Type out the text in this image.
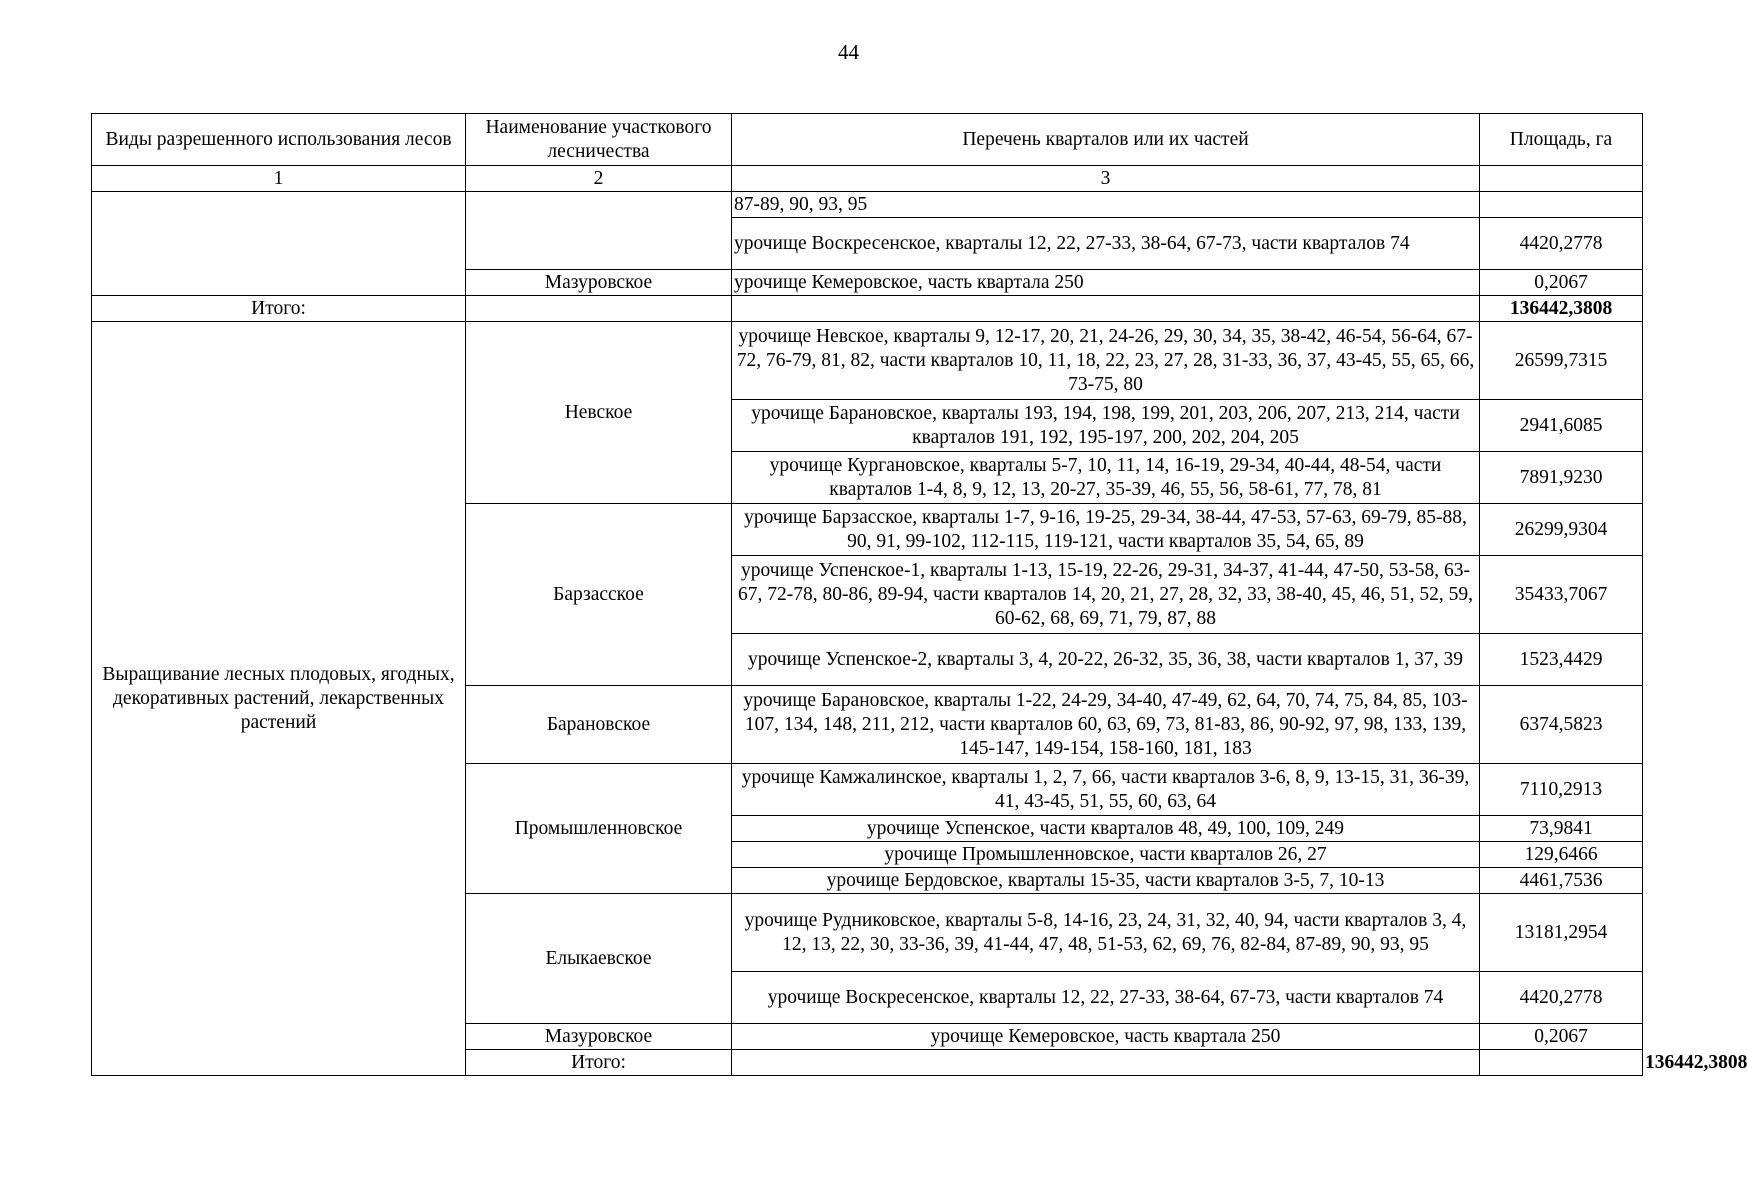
44
Виды разрешенного использования лесов	Наименование участкового лесничества	Перечень кварталов или их частей	Площадь, га	
1	2	3		
		87-89, 90, 93, 95		
		урочище Воскресенское, кварталы 12, 22, 27-33, 38-64, 67-73, части кварталов 74	4420,2778	
	Мазуровское	урочище Кемеровское, часть квартала 250	0,2067	
Итого:			136442,3808	
Выращивание лесных плодовых, ягодных, декоративных растений, лекарственных растений	Невское	урочище Невское, кварталы 9, 12-17, 20, 21, 24-26, 29, 30, 34, 35, 38-42, 46-54, 56-64, 67-72, 76-79, 81, 82, части кварталов 10, 11, 18, 22, 23, 27, 28, 31-33, 36, 37, 43-45, 55, 65, 66, 73-75, 80	26599,7315	
		урочище Барановское, кварталы 193, 194, 198, 199, 201, 203, 206, 207, 213, 214, части кварталов 191, 192, 195-197, 200, 202, 204, 205	2941,6085	
		урочище Кургановское, кварталы 5-7, 10, 11, 14, 16-19, 29-34, 40-44, 48-54, части кварталов 1-4, 8, 9, 12, 13, 20-27, 35-39, 46, 55, 56, 58-61, 77, 78, 81	7891,9230	
	Барзасское	урочище Барзасское, кварталы 1-7, 9-16, 19-25, 29-34, 38-44, 47-53, 57-63, 69-79, 85-88, 90, 91, 99-102, 112-115, 119-121, части кварталов 35, 54, 65, 89	26299,9304	
		урочище Успенское-1, кварталы 1-13, 15-19, 22-26, 29-31, 34-37, 41-44, 47-50, 53-58, 63-67, 72-78, 80-86, 89-94, части кварталов 14, 20, 21, 27, 28, 32, 33, 38-40, 45, 46, 51, 52, 59, 60-62, 68, 69, 71, 79, 87, 88	35433,7067	
		урочище Успенское-2, кварталы 3, 4, 20-22, 26-32, 35, 36, 38, части кварталов 1, 37, 39	1523,4429	
	Барановское	урочище Барановское, кварталы 1-22, 24-29, 34-40, 47-49, 62, 64, 70, 74, 75, 84, 85, 103-107, 134, 148, 211, 212, части кварталов 60, 63, 69, 73, 81-83, 86, 90-92, 97, 98, 133, 139, 145-147, 149-154, 158-160, 181, 183	6374,5823	
	Промышленновское	урочище Камжалинское, кварталы 1, 2, 7, 66, части кварталов 3-6, 8, 9, 13-15, 31, 36-39, 41, 43-45, 51, 55, 60, 63, 64	7110,2913	
		урочище Успенское, части кварталов 48, 49, 100, 109, 249	73,9841	
		урочище Промышленновское, части кварталов 26, 27	129,6466	
		урочище Бердовское, кварталы 15-35, части кварталов 3-5, 7, 10-13	4461,7536	
	Елыкаевское	урочище Рудниковское, кварталы 5-8, 14-16, 23, 24, 31, 32, 40, 94, части кварталов 3, 4, 12, 13, 22, 30, 33-36, 39, 41-44, 47, 48, 51-53, 62, 69, 76, 82-84, 87-89, 90, 93, 95	13181,2954	
		урочище Воскресенское, кварталы 12, 22, 27-33, 38-64, 67-73, части кварталов 74	4420,2778	
	Мазуровское	урочище Кемеровское, часть квартала 250	0,2067	
	Итого:			136442,3808
